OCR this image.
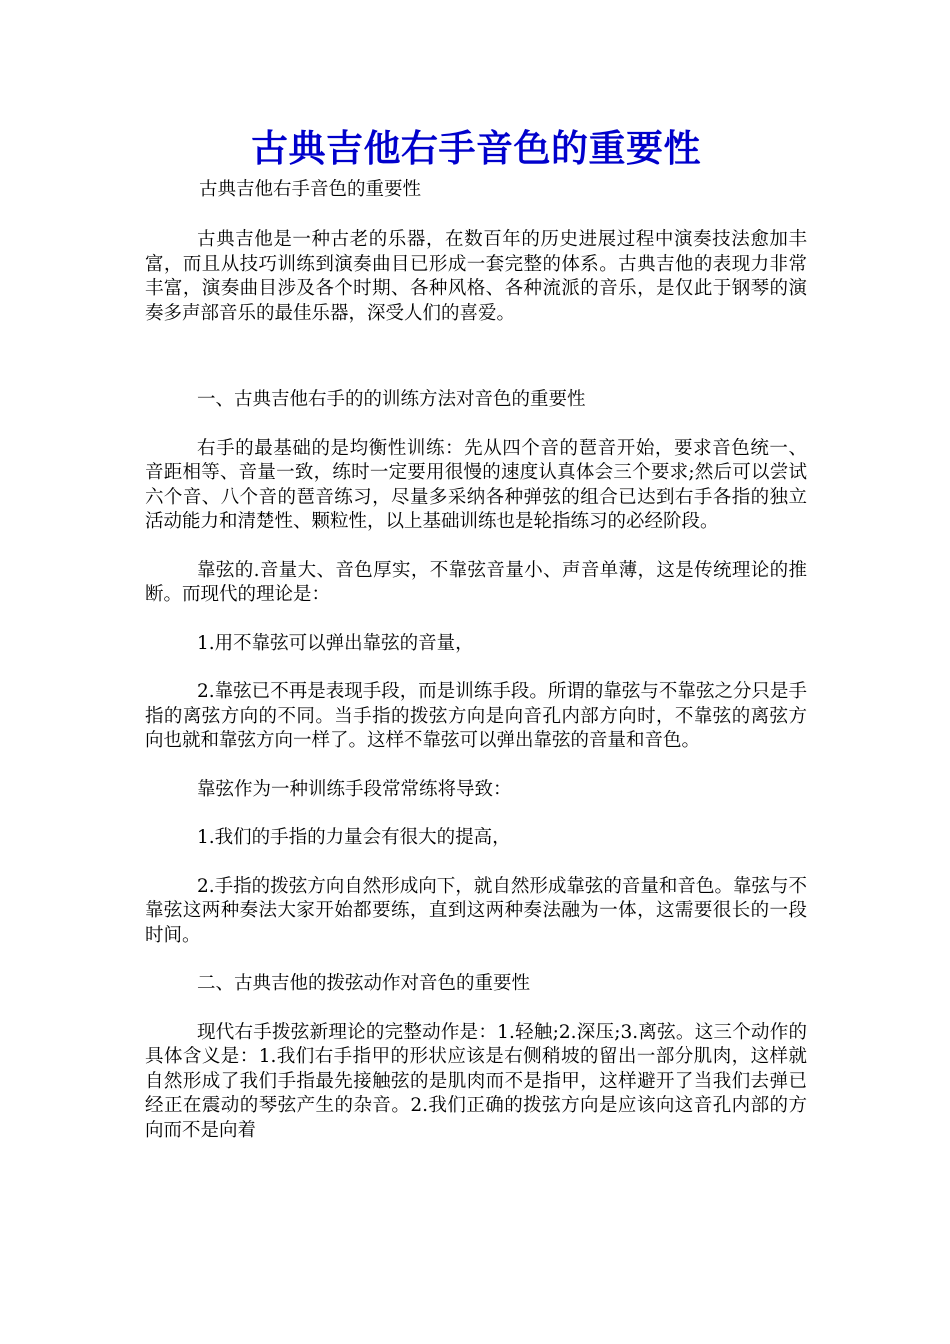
古典吉他右手音色的重要性

古典吉他右手音色的重要性

古典吉他是一种古老的乐器，在数百年的历史进展过程中演奏技法愈加丰富，而且从技巧训练到演奏曲目已形成一套完整的体系。古典吉他的表现力非常丰富，演奏曲目涉及各个时期、各种风格、各种流派的音乐，是仅此于钢琴的演奏多声部音乐的最佳乐器，深受人们的喜爱。

一、古典吉他右手的的训练方法对音色的重要性

右手的最基础的是均衡性训练：先从四个音的琶音开始，要求音色统一、音距相等、音量一致，练时一定要用很慢的速度认真体会三个要求;然后可以尝试六个音、八个音的琶音练习，尽量多采纳各种弹弦的组合已达到右手各指的独立活动能力和清楚性、颗粒性，以上基础训练也是轮指练习的必经阶段。

靠弦的.音量大、音色厚实，不靠弦音量小、声音单薄，这是传统理论的推断。而现代的理论是：

1.用不靠弦可以弹出靠弦的音量，

2.靠弦已不再是表现手段，而是训练手段。所谓的靠弦与不靠弦之分只是手指的离弦方向的不同。当手指的拨弦方向是向音孔内部方向时，不靠弦的离弦方向也就和靠弦方向一样了。这样不靠弦可以弹出靠弦的音量和音色。

靠弦作为一种训练手段常常练将导致：

1.我们的手指的力量会有很大的提高，

2.手指的拨弦方向自然形成向下，就自然形成靠弦的音量和音色。靠弦与不靠弦这两种奏法大家开始都要练，直到这两种奏法融为一体，这需要很长的一段时间。

二、古典吉他的拨弦动作对音色的重要性

现代右手拨弦新理论的完整动作是：1.轻触;2.深压;3.离弦。这三个动作的具体含义是：1.我们右手指甲的形状应该是右侧稍坡的留出一部分肌肉，这样就自然形成了我们手指最先接触弦的是肌肉而不是指甲，这样避开了当我们去弹已经正在震动的琴弦产生的杂音。2.我们正确的拨弦方向是应该向这音孔内部的方向而不是向着
